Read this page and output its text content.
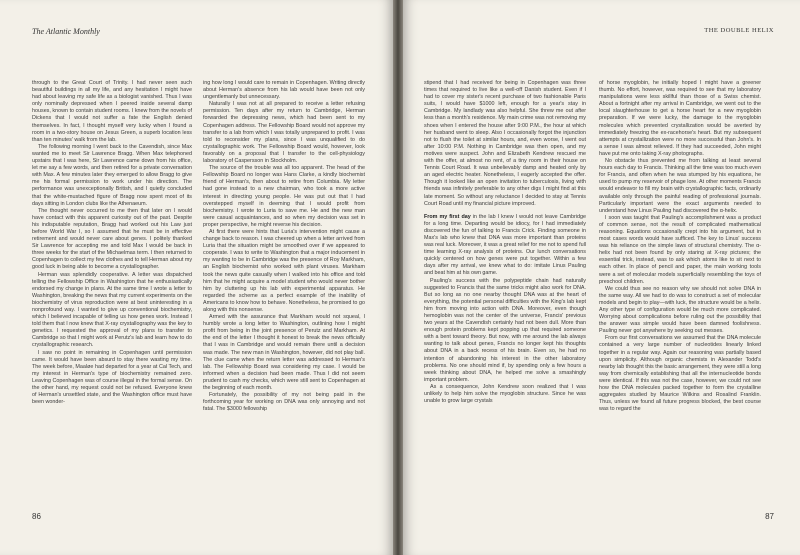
The Atlantic Monthly

through to the Great Court of Trinity. I had never seen such beautiful buildings in all my life, and any hesitation I might have had about leaving my safe life as a biologist vanished. Thus I was only nominally depressed when I peered inside several damp houses, known to contain student rooms. I knew from the novels of Dickens that I would not suffer a fate the English denied themselves. In fact, I thought myself very lucky when I found a room in a two-story house on Jesus Green, a superb location less than ten minutes' walk from the lab.

The following morning I went back to the Cavendish, since Max wanted me to meet Sir Lawrence Bragg. When Max telephoned upstairs that I was here, Sir Lawrence came down from his office, let me say a few words, and then retired for a private conversation with Max. A few minutes later they emerged to allow Bragg to give me his formal permission to work under his direction. The performance was unexceptionally British, and I quietly concluded that the white-mustached figure of Bragg now spent most of its days sitting in London clubs like the Athenaeum.

The thought never occurred to me then that later on I would have contact with this apparent curiosity out of the past. Despite his indisputable reputation, Bragg had worked out his Law just before World War I, so I assumed that he must be in effective retirement and would never care about genes. I politely thanked Sir Lawrence for accepting me and told Max I would be back in three weeks for the start of the Michaelmas term. I then returned to Copenhagen to collect my few clothes and to tell Herman about my good luck in being able to become a crystallographer.

Herman was splendidly cooperative. A letter was dispatched telling the Fellowship Office in Washington that he enthusiastically endorsed my change in plans. At the same time I wrote a letter to Washington, breaking the news that my current experiments on the biochemistry of virus reproduction were at best uninteresting in a nonprofound way. I wanted to give up conventional biochemistry, which I believed incapable of telling us how genes work. Instead I told them that I now knew that X-ray crystallography was the key to genetics. I requested the approval of my plans to transfer to Cambridge so that I might work at Perutz's lab and learn how to do crystallographic research.

I saw no point in remaining in Copenhagen until permission came. It would have been absurd to stay there wasting my time. The week before, Maaløe had departed for a year at Cal Tech, and my interest in Herman's type of biochemistry remained zero. Leaving Copenhagen was of course illegal in the formal sense. On the other hand, my request could not be refused. Everyone knew of Herman's unsettled state, and the Washington office must have been wonder-

ing how long I would care to remain in Copenhagen. Writing directly about Herman's absence from his lab would have been not only ungentlemanly but unnecessary.

Naturally I was not at all prepared to receive a letter refusing permission. Ten days after my return to Cambridge, Herman forwarded the depressing news, which had been sent to my Copenhagen address. The Fellowship Board would not approve my transfer to a lab from which I was totally unprepared to profit. I was told to reconsider my plans, since I was unqualified to do crystallographic work. The Fellowship Board would, however, look favorably on a proposal that I transfer to the cell-physiology laboratory of Caspersson in Stockholm.

The source of the trouble was all too apparent. The head of the Fellowship Board no longer was Hans Clarke, a kindly biochemist friend of Herman's, then about to retire from Columbia. My letter had gone instead to a new chairman, who took a more active interest in directing young people. He was put out that I had overstepped myself in deeming that I would profit from biochemistry. I wrote to Luria to save me. He and the new man were casual acquaintances, and so when my decision was set in proper perspective, he might reverse his decision.

At first there were hints that Luria's intervention might cause a change back to reason. I was cheered up when a letter arrived from Luria that the situation might be smoothed over if we appeared to cooperate. I was to write to Washington that a major inducement in my wanting to be in Cambridge was the presence of Roy Markham, an English biochemist who worked with plant viruses. Markham took the news quite casually when I walked into his office and told him that he might acquire a model student who would never bother him by cluttering up his lab with experimental apparatus. He regarded the scheme as a perfect example of the inability of Americans to know how to behave. Nonetheless, he promised to go along with this nonsense.

Armed with the assurance that Markham would not squeal, I humbly wrote a long letter to Washington, outlining how I might profit from being in the joint presence of Perutz and Markham. At the end of the letter I thought it honest to break the news officially that I was in Cambridge and would remain there until a decision was made. The new man in Washington, however, did not play ball. The clue came when the return letter was addressed to Herman's lab. The Fellowship Board was considering my case. I would be informed when a decision had been made. Thus I did not seem prudent to cash my checks, which were still sent to Copenhagen at the beginning of each month.

Fortunately, the possibility of my not being paid in the forthcoming year for working on DNA was only annoying and not fatal. The $3000 fellowship

86
THE DOUBLE HELIX

stipend that I had received for being in Copenhagen was three times that required to live like a well-off Danish student. Even if I had to cover my sister's recent purchase of two fashionable Paris suits, I would have $1000 left, enough for a year's stay in Cambridge. My landlady was also helpful. She threw me out after less than a month's residence. My main crime was not removing my shoes when I entered the house after 9:00 P.M., the hour at which her husband went to sleep. Also I occasionally forgot the injunction not to flush the toilet at similar hours, and, even worse, I went out after 10:00 P.M. Nothing in Cambridge was then open, and my motives were suspect. John and Elizabeth Kendrew rescued me with the offer, at almost no rent, of a tiny room in their house on Tennis Court Road. It was unbelievably damp and heated only by an aged electric heater. Nonetheless, I eagerly accepted the offer. Though it looked like an open invitation to tuberculosis, living with friends was infinitely preferable to any other digs I might find at this late moment. So without any reluctance I decided to stay at Tennis Court Road until my financial picture improved.

From my first day in the lab I knew I would not leave Cambridge for a long time. Departing would be idiocy, for I had immediately discovered the fun of talking to Francis Crick. Finding someone in Max's lab who knew that DNA was more important than proteins was real luck. Moreover, it was a great relief for me not to spend full time learning X-ray analysis of proteins. Our lunch conversations quickly centered on how genes were put together. Within a few days after my arrival, we knew what to do: imitate Linus Pauling and beat him at his own game.

Pauling's success with the polypeptide chain had naturally suggested to Francis that the same tricks might also work for DNA. But so long as no one nearby thought DNA was at the heart of everything, the potential personal difficulties with the King's lab kept him from moving into action with DNA. Moreover, even though hemoglobin was not the center of the universe, Francis' previous two years at the Cavendish certainly had not been dull. More than enough protein problems kept popping up that required someone with a bent toward theory. But now, with me around the lab always wanting to talk about genes, Francis no longer kept his thoughts about DNA in a back recess of his brain. Even so, he had no intention of abandoning his interest in the other laboratory problems. No one should mind if, by spending only a few hours a week thinking about DNA, he helped me solve a smashingly important problem.

As a consequence, John Kendrew soon realized that I was unlikely to help him solve the myoglobin structure. Since he was unable to grow large crystals

of horse myoglobin, he initially hoped I might have a greener thumb. No effort, however, was required to see that my laboratory manipulations were less skillful than those of a Swiss chemist. About a fortnight after my arrival in Cambridge, we went out to the local slaughterhouse to get a horse heart for a new myoglobin preparation. If we were lucky, the damage to the myoglobin molecules which prevented crystallization would be averted by immediately freezing the ex-racehorse's heart. But my subsequent attempts at crystallization were no more successful than John's. In a sense I was almost relieved. If they had succeeded, John might have put me onto taking X-ray photographs.

No obstacle thus prevented me from talking at least several hours each day to Francis. Thinking all the time was too much even for Francis, and often when he was stumped by his equations, he used to pump my reservoir of phage lore. At other moments Francis would endeavor to fill my brain with crystallographic facts, ordinarily available only through the painful reading of professional journals. Particularly important were the exact arguments needed to understand how Linus Pauling had discovered the α-helix.

I soon was taught that Pauling's accomplishment was a product of common sense, not the result of complicated mathematical reasoning. Equations occasionally crept into his argument, but in most cases words would have sufficed. The key to Linus' success was his reliance on the simple laws of structural chemistry. The α-helix had not been found by only staring at X-ray pictures; the essential trick, instead, was to ask which atoms like to sit next to each other. In place of pencil and paper, the main working tools were a set of molecular models superficially resembling the toys of preschool children.

We could thus see no reason why we should not solve DNA in the same way. All we had to do was to construct a set of molecular models and begin to play—with luck, the structure would be a helix. Any other type of configuration would be much more complicated. Worrying about complications before ruling out the possibility that the answer was simple would have been damned foolishness. Pauling never got anywhere by seeking out messes.

From our first conversations we assumed that the DNA molecule contained a very large number of nucleotides linearly linked together in a regular way. Again our reasoning was partially based upon simplicity. Although organic chemists in Alexander Todd's nearby lab thought this the basic arrangement, they were still a long way from chemically establishing that all the internucleotide bonds were identical. If this was not the case, however, we could not see how the DNA molecules packed together to form the crystalline aggregates studied by Maurice Wilkins and Rosalind Franklin. Thus, unless we found all future progress blocked, the best course was to regard the

87
